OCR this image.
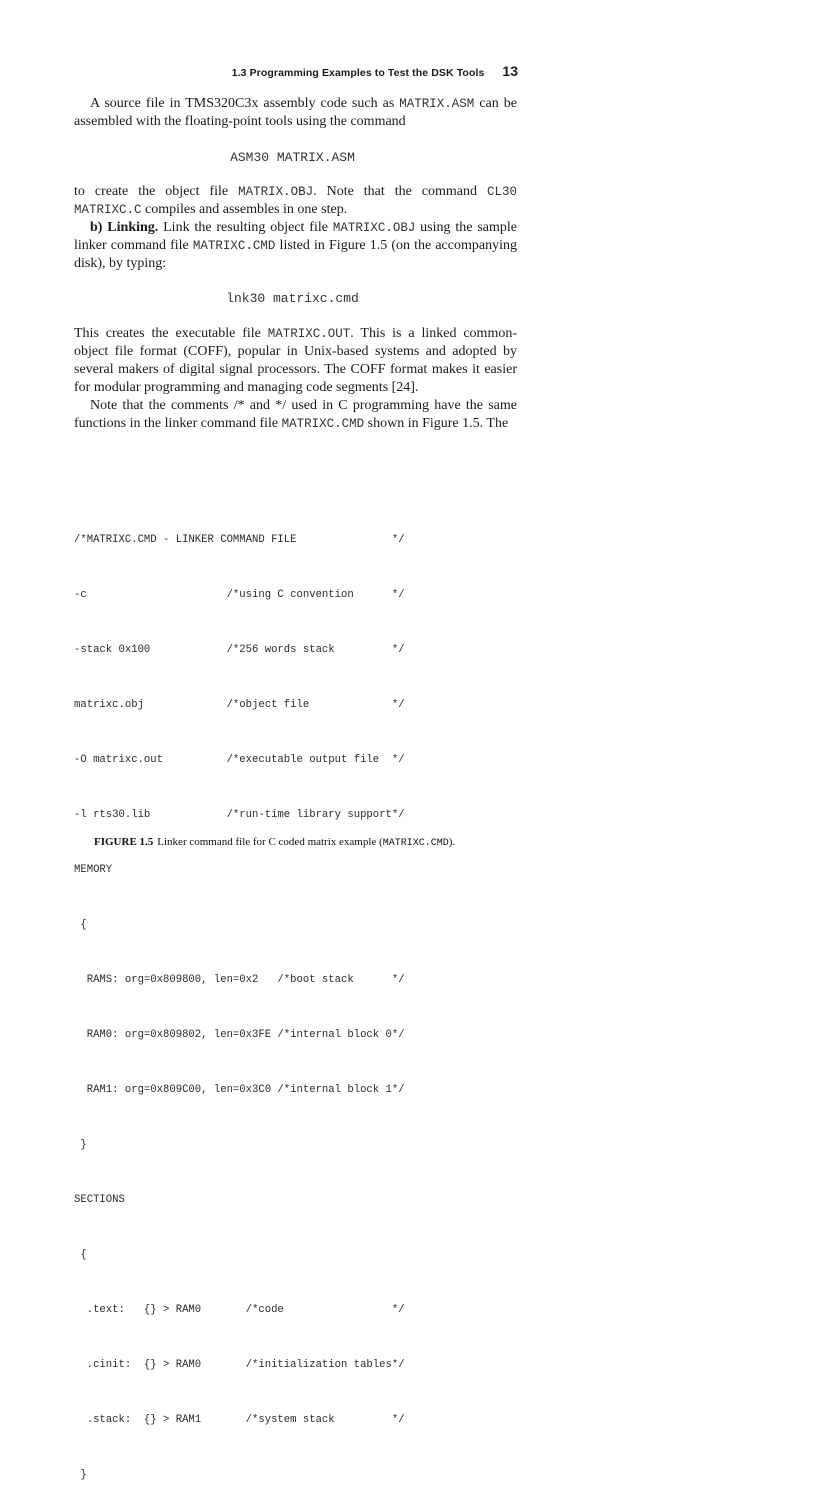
1.3 Programming Examples to Test the DSK Tools 13

A source file in TMS320C3x assembly code such as MATRIX.ASM can be assembled with the floating-point tools using the command

ASM30 MATRIX.ASM

to create the object file MATRIX.OBJ. Note that the command CL30 MATRIXC.C compiles and assembles in one step.

b) Linking. Link the resulting object file MATRIXC.OBJ using the sample linker command file MATRIXC.CMD listed in Figure 1.5 (on the accompanying disk), by typing:

lnk30 matrixc.cmd

This creates the executable file MATRIXC.OUT. This is a linked common-object file format (COFF), popular in Unix-based systems and adopted by several makers of digital signal processors. The COFF format makes it easier for modular programming and managing code segments [24].

Note that the comments /* and */ used in C programming have the same functions in the linker command file MATRIXC.CMD shown in Figure 1.5. The

/*MATRIXC.CMD - LINKER COMMAND FILE               */

-c                      /*using C convention      */

-stack 0x100            /*256 words stack         */

matrixc.obj             /*object file             */

-O matrixc.out          /*executable output file  */

-l rts30.lib            /*run-time library support*/

MEMORY

{

RAMS: org=0x809800, len=0x2   /*boot stack      */

RAM0: org=0x809802, len=0x3FE /*internal block 0*/

RAM1: org=0x809C00, len=0x3C0 /*internal block 1*/

}

SECTIONS

{

.text:   {} > RAM0       /*code                 */

.cinit:  {} > RAM0       /*initialization tables*/

.stack:  {} > RAM1       /*system stack         */

}

FIGURE 1.5 Linker command file for C coded matrix example (MATRIXC.CMD).
